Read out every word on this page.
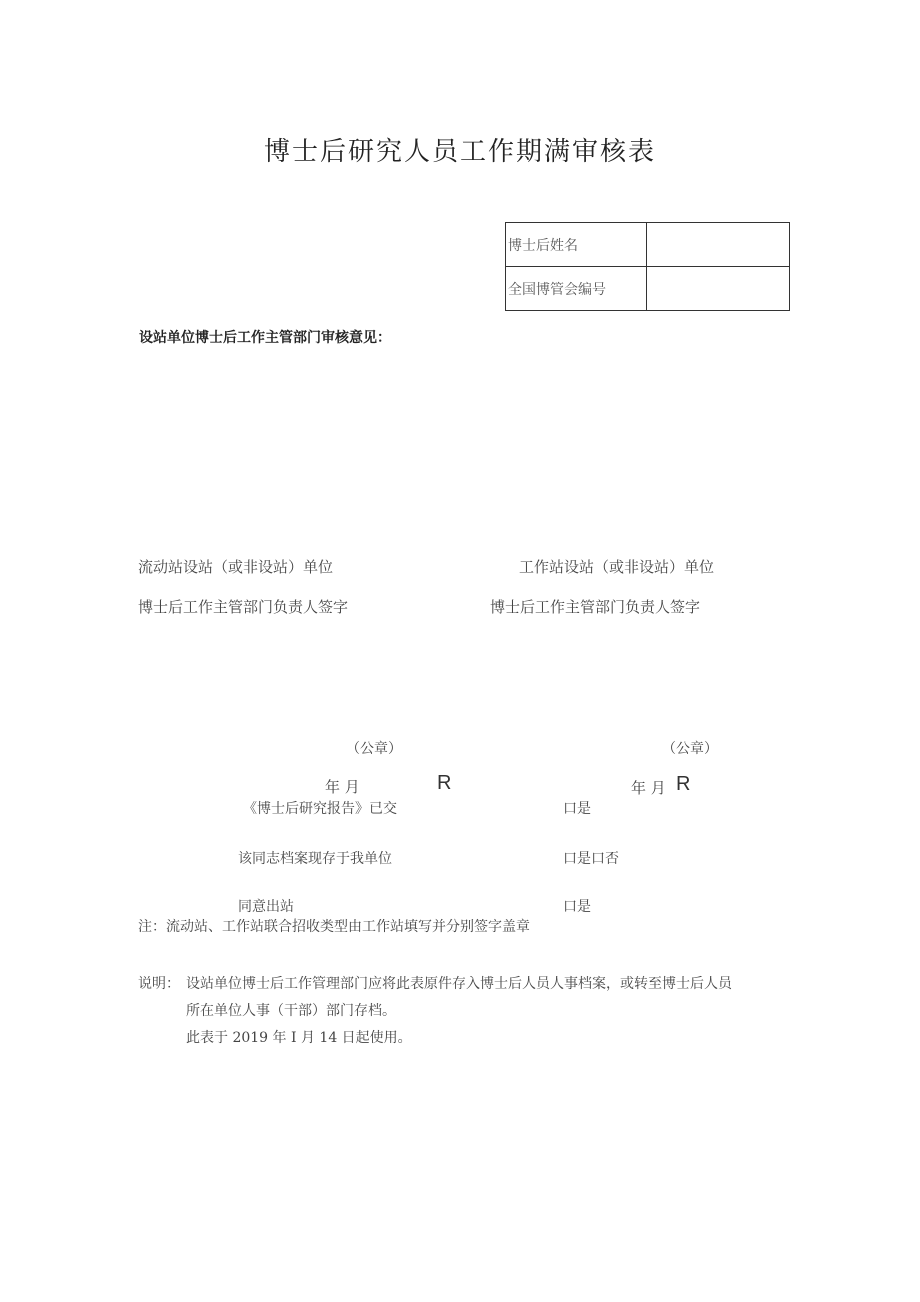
博士后研究人员工作期满审核表
博士后姓名	
全国博管会编号	
设站单位博士后工作主管部门审核意见：
流动站设站（或非设站）单位	工作站设站（或非设站）单位
博士后工作主管部门负责人签字	博士后工作主管部门负责人签字
（公章）	（公章）
年 月	R	年 月 R
《博士后研究报告》已交	口是
该同志档案现存于我单位	口是口否
同意出站	口是
注：流动站、工作站联合招收类型由工作站填写并分别签字盖章
说明： 设站单位博士后工作管理部门应将此表原件存入博士后人员人事档案，或转至博士后人员
所在单位人事（干部）部门存档。
此表于 2019 年 I 月 14 日起使用。
